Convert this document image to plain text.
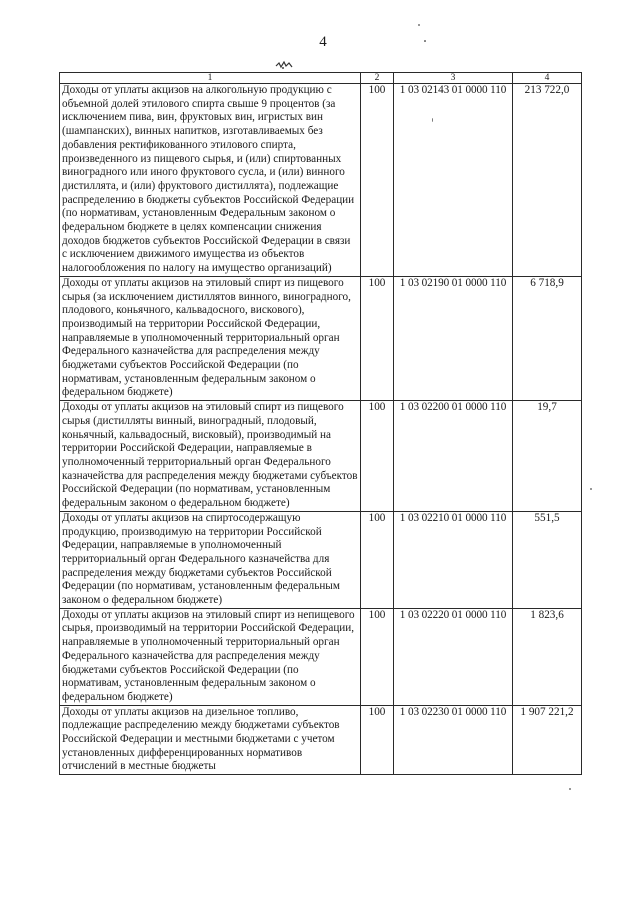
4
1	2	3	4
Доходы от уплаты акцизов на алкогольную продукцию с объемной долей этилового спирта свыше 9 процентов (за исключением пива, вин, фруктовых вин, игристых вин (шампанских), винных напитков, изготавливаемых без добавления ректификованного этилового спирта, произведенного из пищевого сырья, и (или) спиртованных виноградного или иного фруктового сусла, и (или) винного дистиллята, и (или) фруктового дистиллята), подлежащие распределению в бюджеты субъектов Российской Федерации (по нормативам, установленным Федеральным законом о федеральном бюджете в целях компенсации снижения доходов бюджетов субъектов Российской Федерации в связи с исключением движимого имущества из объектов налогообложения по налогу на имущество организаций)	100	1 03 02143 01 0000 110	213 722,0
Доходы от уплаты акцизов на этиловый спирт из пищевого сырья (за исключением дистиллятов винного, виноградного, плодового, коньячного, кальвадосного, вискового), производимый на территории Российской Федерации, направляемые в уполномоченный территориальный орган Федерального казначейства для распределения между бюджетами субъектов Российской Федерации (по нормативам, установленным федеральным законом о федеральном бюджете)	100	1 03 02190 01 0000 110	6 718,9
Доходы от уплаты акцизов на этиловый спирт из пищевого сырья (дистилляты винный, виноградный, плодовый, коньячный, кальвадосный, висковый), производимый на территории Российской Федерации, направляемые в уполномоченный территориальный орган Федерального казначейства для распределения между бюджетами субъектов Российской Федерации (по нормативам, установленным федеральным законом о федеральном бюджете)	100	1 03 02200 01 0000 110	19,7
Доходы от уплаты акцизов на спиртосодержащую продукцию, производимую на территории Российской Федерации, направляемые в уполномоченный территориальный орган Федерального казначейства для распределения между бюджетами субъектов Российской Федерации (по нормативам, установленным федеральным законом о федеральном бюджете)	100	1 03 02210 01 0000 110	551,5
Доходы от уплаты акцизов на этиловый спирт из непищевого сырья, производимый на территории Российской Федерации, направляемые в уполномоченный территориальный орган Федерального казначейства для распределения между бюджетами субъектов Российской Федерации (по нормативам, установленным федеральным законом о федеральном бюджете)	100	1 03 02220 01 0000 110	1 823,6
Доходы от уплаты акцизов на дизельное топливо, подлежащие распределению между бюджетами субъектов Российской Федерации и местными бюджетами с учетом установленных дифференцированных нормативов отчислений в местные бюджеты	100	1 03 02230 01 0000 110	1 907 221,2
